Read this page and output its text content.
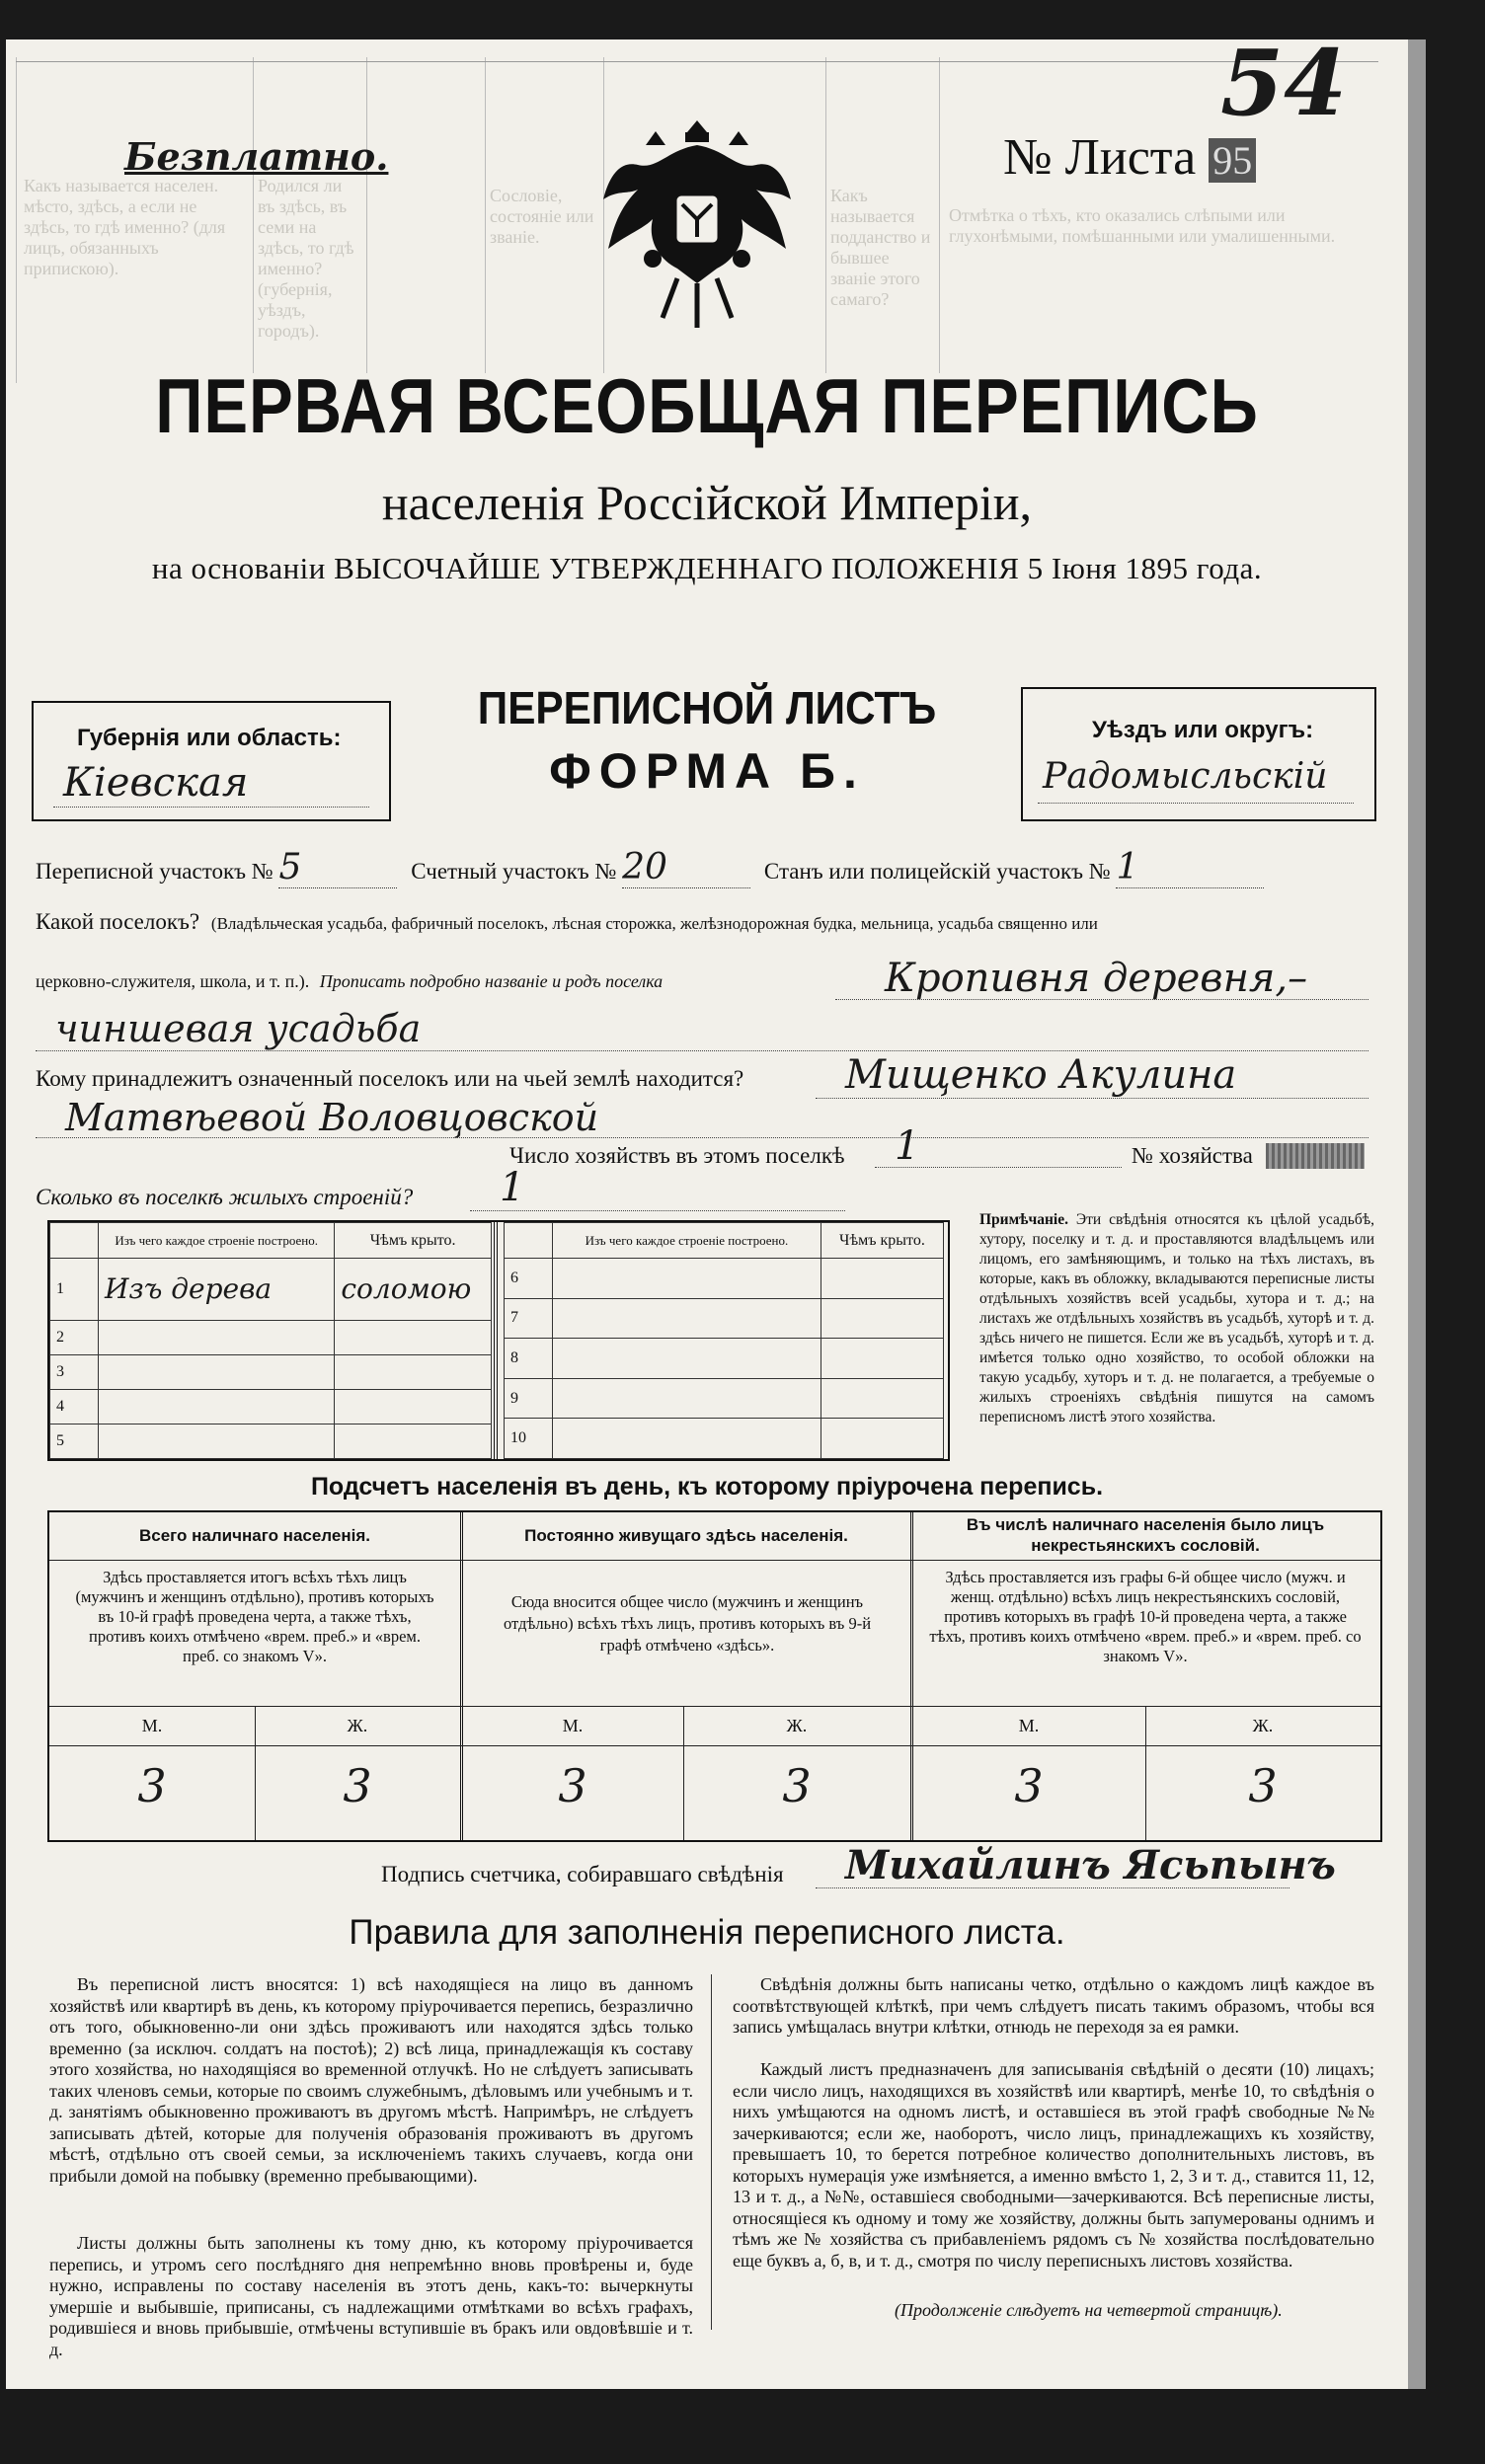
Какъ называется населен. мѣсто, здѣсь, а если не здѣсь, то гдѣ именно? (для лицъ, обязанныхъ припискою).
Родился ли въ здѣсь, въ семи на здѣсь, то гдѣ именно? (губернія, уѣздъ, городъ).
Сословіе, состояніе или званіе.
Какъ называется подданство и бывшее званіе этого самаго?
Отмѣтка о тѣхъ, кто оказались слѣпыми или глухонѣмыми, помѣшанными или умалишенными.
54
Безплатно.	№ Листа 95
ПЕРВАЯ ВСЕОБЩАЯ ПЕРЕПИСЬ
населенія Россійской Имперіи,
на основаніи ВЫСОЧАЙШЕ УТВЕРЖДЕННАГО ПОЛОЖЕНІЯ 5 Іюня 1895 года.
Губернія или область:
Кіевская
ПЕРЕПИСНОЙ ЛИСТЪ
ФОРМА Б.
Уѣздъ или округъ:
Радомысльскій
Переписной участокъ № 5	Счетный участокъ № 20	Станъ или полицейскій участокъ № 1
Какой поселокъ? (Владѣльческая усадьба, фабричный поселокъ, лѣсная сторожка, желѣзнодорожная будка, мельница, усадьба священно или
церковно-служителя, школа, и т. п.). Прописать подробно названіе и родъ поселка	Кропивня деревня,–
чиншевая усадьба
Кому принадлежитъ означенный поселокъ или на чьей землѣ находится?	Мищенко Акулина
Матвѣевой Воловцовской
Число хозяйствъ въ этомъ поселкѣ 1	№ хозяйства
Сколько въ поселкѣ жилыхъ строеній? 1
	Изъ чего каждое строеніе построено.	Чѣмъ крыто.
1	Изъ дерева	соломою
2		
3		
4		
5		
	Изъ чего каждое строеніе построено.	Чѣмъ крыто.
6		
7		
8		
9		
10		
Примѣчаніе. Эти свѣдѣнія относятся къ цѣлой усадьбѣ, хутору, поселку и т. д. и проставляются владѣльцемъ или лицомъ, его замѣняющимъ, и только на тѣхъ листахъ, въ которые, какъ въ обложку, вкладываются переписные листы отдѣльныхъ хозяйствъ всей усадьбы, хутора и т. д.; на листахъ же отдѣльныхъ хозяйствъ въ усадьбѣ, хуторѣ и т. д. здѣсь ничего не пишется. Если же въ усадьбѣ, хуторѣ и т. д. имѣется только одно хозяйство, то особой обложки на такую усадьбу, хуторъ и т. д. не полагается, а требуемые о жилыхъ строеніяхъ свѣдѣнія пишутся на самомъ переписномъ листѣ этого хозяйства.
Подсчетъ населенія въ день, къ которому пріурочена перепись.
Всего наличнаго населенія.	Постоянно живущаго здѣсь населенія.
Въ числѣ наличнаго населенія было лицъ некрестьянскихъ сословій.
Здѣсь проставляется итогъ всѣхъ тѣхъ лицъ (мужчинъ и женщинъ отдѣльно), противъ которыхъ въ 10-й графѣ проведена черта, а также тѣхъ, противъ коихъ отмѣчено «врем. преб.» и «врем. преб. со знакомъ V».
Сюда вносится общее число (мужчинъ и женщинъ отдѣльно) всѣхъ тѣхъ лицъ, противъ которыхъ въ 9-й графѣ отмѣчено «здѣсь».
Здѣсь проставляется изъ графы 6-й общее число (мужч. и женщ. отдѣльно) всѣхъ лицъ некрестьянскихъ сословій, противъ которыхъ въ графѣ 10-й проведена черта, а также тѣхъ, противъ коихъ отмѣчено «врем. преб.» и «врем. преб. со знакомъ V».
М.	Ж.	М.	Ж.	М.	Ж.
3	3	3	3	3	3
Подпись счетчика, собиравшаго свѣдѣнія Михайлинъ Ясьпынъ
Правила для заполненія переписного листа.
Въ переписной листъ вносятся: 1) всѣ находящіеся на лицо въ данномъ хозяйствѣ или квартирѣ въ день, къ которому пріурочивается перепись, безразлично отъ того, обыкновенно-ли они здѣсь проживаютъ или находятся здѣсь только временно (за исключ. солдатъ на постоѣ); 2) всѣ лица, принадлежащія къ составу этого хозяйства, но находящіяся во временной отлучкѣ. Но не слѣдуетъ записывать таких членовъ семьи, которые по своимъ служебнымъ, дѣловымъ или учебнымъ и т. д. занятіямъ обыкновенно проживаютъ въ другомъ мѣстѣ. Напримѣръ, не слѣдуетъ записывать дѣтей, которые для полученія образованія проживаютъ въ другомъ мѣстѣ, отдѣльно отъ своей семьи, за исключеніемъ такихъ случаевъ, когда они прибыли домой на побывку (временно пребывающими).
Листы должны быть заполнены къ тому дню, къ которому пріурочивается перепись, и утромъ сего послѣдняго дня непремѣнно вновь провѣрены и, буде нужно, исправлены по составу населенія въ этотъ день, какъ-то: вычеркнуты умершіе и выбывшіе, приписаны, съ надлежащими отмѣтками во всѣхъ графахъ, родившіеся и вновь прибывшіе, отмѣчены вступившіе въ бракъ или овдовѣвшіе и т. д.
Свѣдѣнія должны быть написаны четко, отдѣльно о каждомъ лицѣ каждое въ соотвѣтствующей клѣткѣ, при чемъ слѣдуетъ писать такимъ образомъ, чтобы вся запись умѣщалась внутри клѣтки, отнюдь не переходя за ея рамки.
Каждый листъ предназначенъ для записыванія свѣдѣній о десяти (10) лицахъ; если число лицъ, находящихся въ хозяйствѣ или квартирѣ, менѣе 10, то свѣдѣнія о нихъ умѣщаются на одномъ листѣ, и оставшіеся въ этой графѣ свободные №№ зачеркиваются; если же, наоборотъ, число лицъ, принадлежащихъ къ хозяйству, превышаетъ 10, то берется потребное количество дополнительныхъ листовъ, въ которыхъ нумерація уже измѣняется, а именно вмѣсто 1, 2, 3 и т. д., ставится 11, 12, 13 и т. д., а №№, оставшіеся свободными—зачеркиваются. Всѣ переписные листы, относящіеся къ одному и тому же хозяйству, должны быть запумерованы однимъ и тѣмъ же № хозяйства съ прибавленіемъ рядомъ съ № хозяйства послѣдовательно еще буквъ а, б, в, и т. д., смотря по числу переписныхъ листовъ хозяйства.
(Продолженіе слѣдуетъ на четвертой страницѣ).
